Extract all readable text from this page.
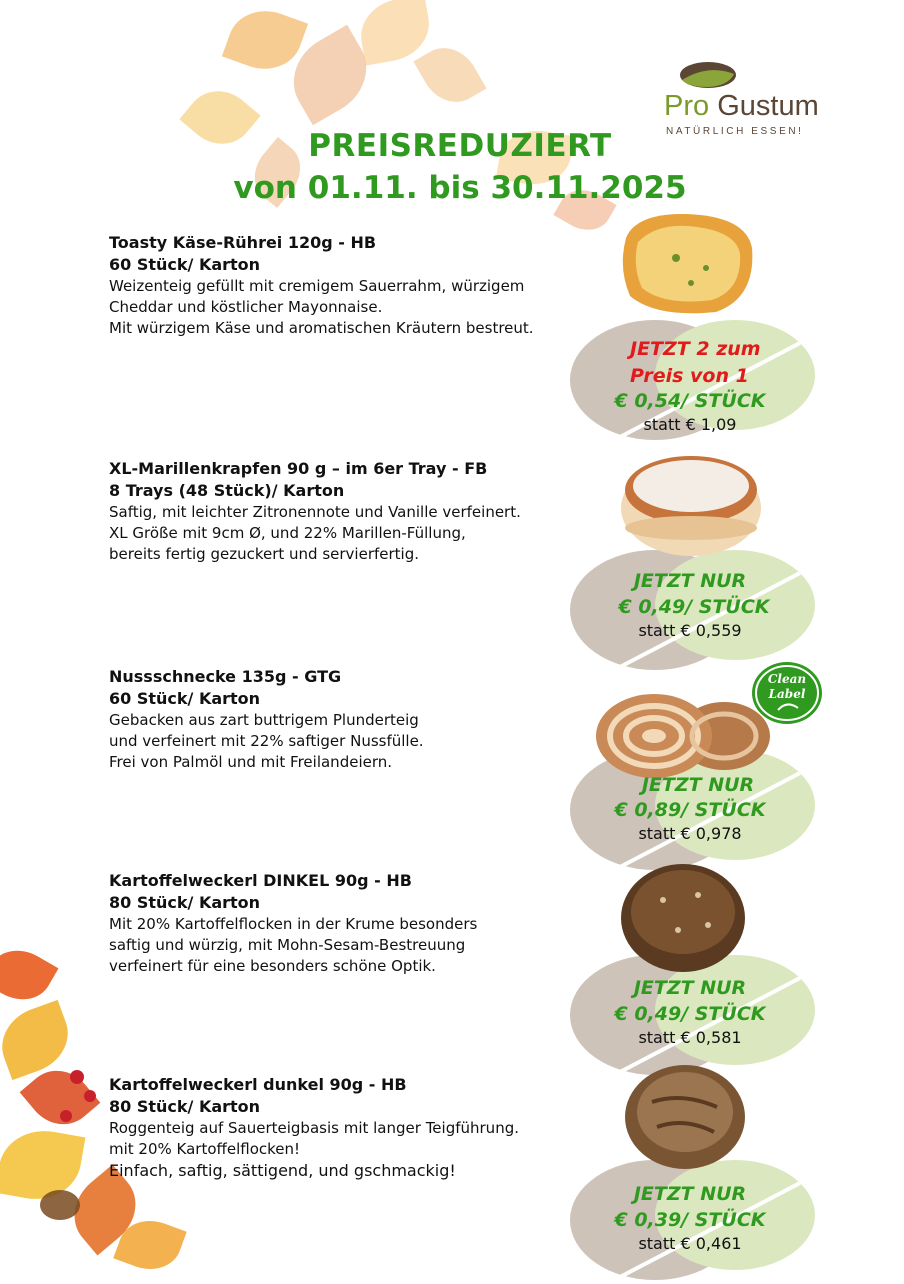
Pro Gustum
NATÜRLICH ESSEN!
PREISREDUZIERT
von 01.11. bis 30.11.2025
Toasty Käse-Rührei 120g - HB
60 Stück/ Karton
Weizenteig gefüllt mit cremigem Sauerrahm, würzigem
Cheddar und köstlicher Mayonnaise.
Mit würzigem Käse und aromatischen Kräutern bestreut.
XL-Marillenkrapfen 90 g – im 6er Tray - FB
8 Trays (48 Stück)/ Karton
Saftig, mit leichter Zitronennote und Vanille verfeinert.
XL Größe mit 9cm Ø, und 22% Marillen-Füllung,
bereits fertig gezuckert und servierfertig.
Nussschnecke 135g - GTG
60 Stück/ Karton
Gebacken aus zart buttrigem Plunderteig
und verfeinert mit 22% saftiger Nussfülle.
Frei von Palmöl und mit Freilandeiern.
Kartoffelweckerl DINKEL 90g - HB
80 Stück/ Karton
Mit 20% Kartoffelflocken in der Krume besonders
saftig und würzig, mit Mohn-Sesam-Bestreuung
verfeinert für eine besonders schöne Optik.
Kartoffelweckerl dunkel 90g - HB
80 Stück/ Karton
Roggenteig auf Sauerteigbasis mit langer Teigführung.
mit 20% Kartoffelflocken!
Einfach, saftig, sättigend, und gschmackig!
Clean
Label
JETZT 2 zum
Preis von 1
€ 0,54/ STÜCK
statt € 1,09
JETZT NUR
€ 0,49/ STÜCK
statt € 0,559
JETZT NUR
€ 0,89/ STÜCK
statt € 0,978
JETZT NUR
€ 0,49/ STÜCK
statt € 0,581
JETZT NUR
€ 0,39/ STÜCK
statt € 0,461
